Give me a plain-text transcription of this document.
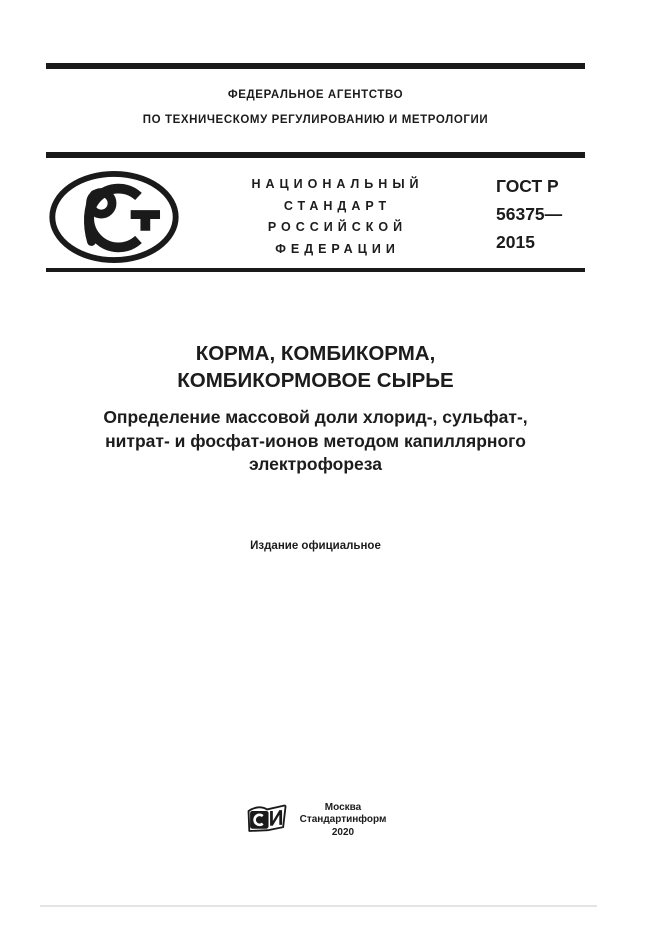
ФЕДЕРАЛЬНОЕ АГЕНТСТВО
ПО ТЕХНИЧЕСКОМУ РЕГУЛИРОВАНИЮ И МЕТРОЛОГИИ
НАЦИОНАЛЬНЫЙ
СТАНДАРТ
РОССИЙСКОЙ
ФЕДЕРАЦИИ
ГОСТ Р
56375—
2015
КОРМА, КОМБИКОРМА,
КОМБИКОРМОВОЕ СЫРЬЕ
Определение массовой доли хлорид-, сульфат-,
нитрат- и фосфат-ионов методом капиллярного
электрофореза
Издание официальное
Москва
Стандартинформ
2020
